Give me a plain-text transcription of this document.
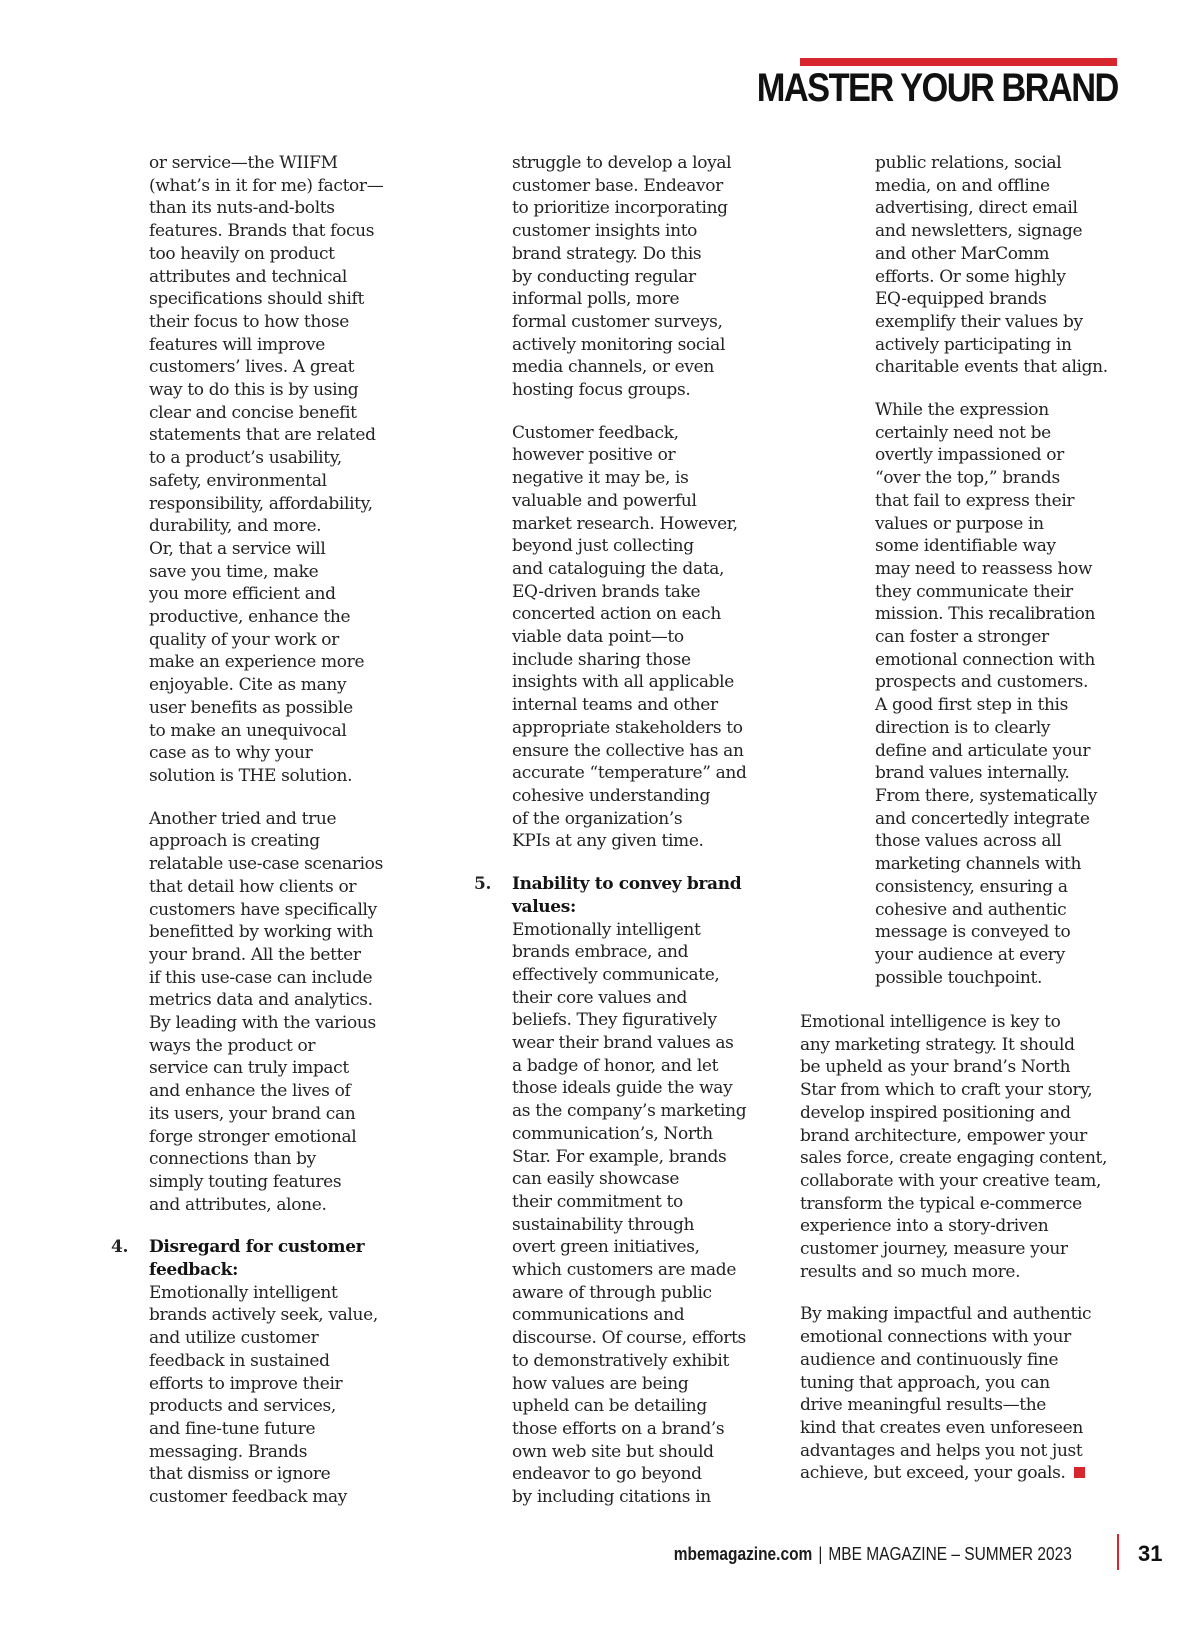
MASTER YOUR BRAND

or service—the WIIFM
(what’s in it for me) factor—
than its nuts-and-bolts
features. Brands that focus
too heavily on product
attributes and technical
specifications should shift
their focus to how those
features will improve
customers’ lives. A great
way to do this is by using
clear and concise benefit
statements that are related
to a product’s usability,
safety, environmental
responsibility, affordability,
durability, and more.
Or, that a service will
save you time, make
you more efficient and
productive, enhance the
quality of your work or
make an experience more
enjoyable. Cite as many
user benefits as possible
to make an unequivocal
case as to why your
solution is THE solution.

Another tried and true
approach is creating
relatable use-case scenarios
that detail how clients or
customers have specifically
benefitted by working with
your brand. All the better
if this use-case can include
metrics data and analytics.
By leading with the various
ways the product or
service can truly impact
and enhance the lives of
its users, your brand can
forge stronger emotional
connections than by
simply touting features
and attributes, alone.

4. Disregard for customer
feedback:
Emotionally intelligent
brands actively seek, value,
and utilize customer
feedback in sustained
efforts to improve their
products and services,
and fine-tune future
messaging. Brands
that dismiss or ignore
customer feedback may

struggle to develop a loyal
customer base. Endeavor
to prioritize incorporating
customer insights into
brand strategy. Do this
by conducting regular
informal polls, more
formal customer surveys,
actively monitoring social
media channels, or even
hosting focus groups.

Customer feedback,
however positive or
negative it may be, is
valuable and powerful
market research. However,
beyond just collecting
and cataloguing the data,
EQ-driven brands take
concerted action on each
viable data point—to
include sharing those
insights with all applicable
internal teams and other
appropriate stakeholders to
ensure the collective has an
accurate “temperature” and
cohesive understanding
of the organization’s
KPIs at any given time.

5. Inability to convey brand
values:
Emotionally intelligent
brands embrace, and
effectively communicate,
their core values and
beliefs. They figuratively
wear their brand values as
a badge of honor, and let
those ideals guide the way
as the company’s marketing
communication’s, North
Star. For example, brands
can easily showcase
their commitment to
sustainability through
overt green initiatives,
which customers are made
aware of through public
communications and
discourse. Of course, efforts
to demonstratively exhibit
how values are being
upheld can be detailing
those efforts on a brand’s
own web site but should
endeavor to go beyond
by including citations in

public relations, social
media, on and offline
advertising, direct email
and newsletters, signage
and other MarComm
efforts. Or some highly
EQ-equipped brands
exemplify their values by
actively participating in
charitable events that align.

While the expression
certainly need not be
overtly impassioned or
“over the top,” brands
that fail to express their
values or purpose in
some identifiable way
may need to reassess how
they communicate their
mission. This recalibration
can foster a stronger
emotional connection with
prospects and customers.
A good first step in this
direction is to clearly
define and articulate your
brand values internally.
From there, systematically
and concertedly integrate
those values across all
marketing channels with
consistency, ensuring a
cohesive and authentic
message is conveyed to
your audience at every
possible touchpoint.

Emotional intelligence is key to
any marketing strategy. It should
be upheld as your brand’s North
Star from which to craft your story,
develop inspired positioning and
brand architecture, empower your
sales force, create engaging content,
collaborate with your creative team,
transform the typical e-commerce
experience into a story-driven
customer journey, measure your
results and so much more.

By making impactful and authentic
emotional connections with your
audience and continuously fine
tuning that approach, you can
drive meaningful results—the
kind that creates even unforeseen
advantages and helps you not just
achieve, but exceed, your goals.

mbemagazine.com | MBE MAGAZINE – SUMMER 2023	31
